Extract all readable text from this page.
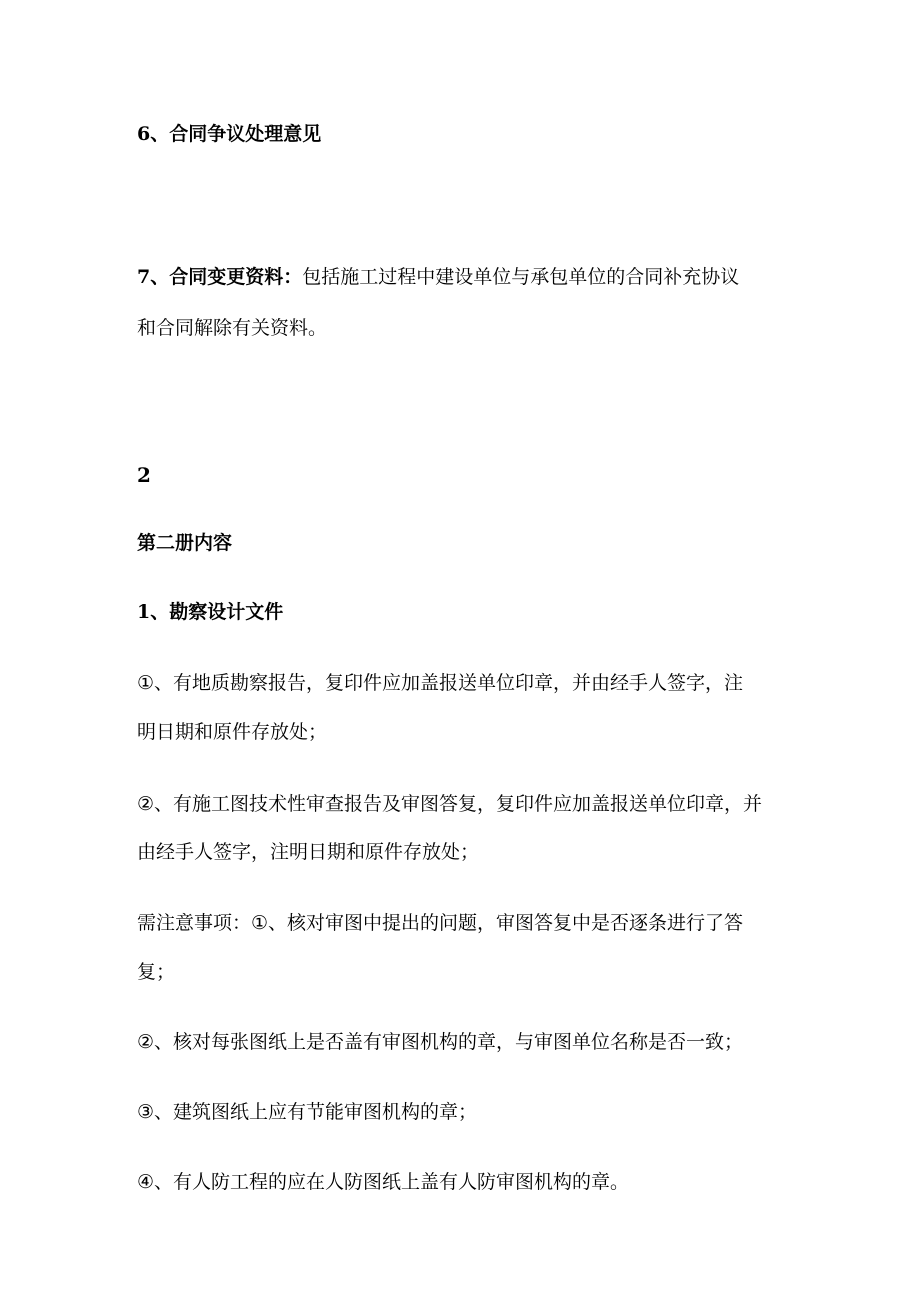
6、合同争议处理意见
7、合同变更资料：包括施工过程中建设单位与承包单位的合同补充协议
和合同解除有关资料。
2
第二册内容
1、勘察设计文件
①、有地质勘察报告，复印件应加盖报送单位印章，并由经手人签字，注
明日期和原件存放处；
②、有施工图技术性审查报告及审图答复，复印件应加盖报送单位印章，并
由经手人签字，注明日期和原件存放处；
需注意事项：①、核对审图中提出的问题，审图答复中是否逐条进行了答
复；
②、核对每张图纸上是否盖有审图机构的章，与审图单位名称是否一致；
③、建筑图纸上应有节能审图机构的章；
④、有人防工程的应在人防图纸上盖有人防审图机构的章。
